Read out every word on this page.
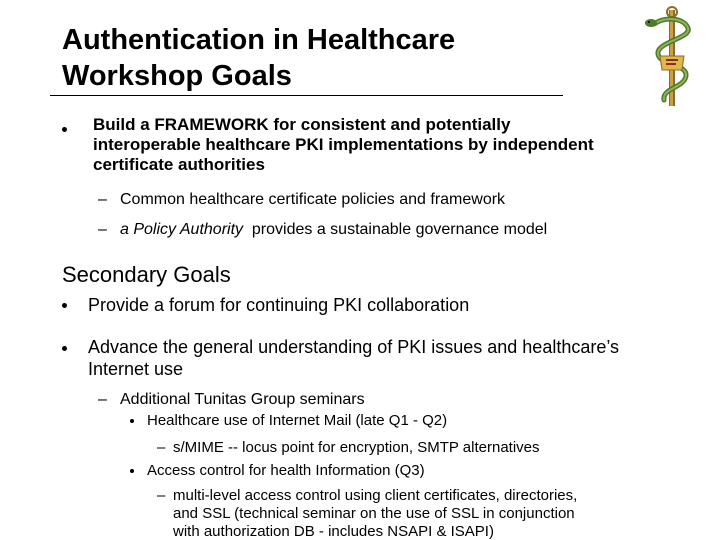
Authentication in Healthcare
Workshop Goals
Build a FRAMEWORK for consistent and potentially
interoperable healthcare PKI implementations by independent
certificate authorities
– Common healthcare certificate policies and framework
– a Policy Authority provides a sustainable governance model
Secondary Goals
Provide a forum for continuing PKI collaboration
Advance the general understanding of PKI issues and healthcare’s
Internet use
– Additional Tunitas Group seminars
Healthcare use of Internet Mail (late Q1 - Q2)
– s/MIME -- locus point for encryption, SMTP alternatives
Access control for health Information (Q3)
– multi-level access control using client certificates, directories,
and SSL (technical seminar on the use of SSL in conjunction
with authorization DB - includes NSAPI & ISAPI)
